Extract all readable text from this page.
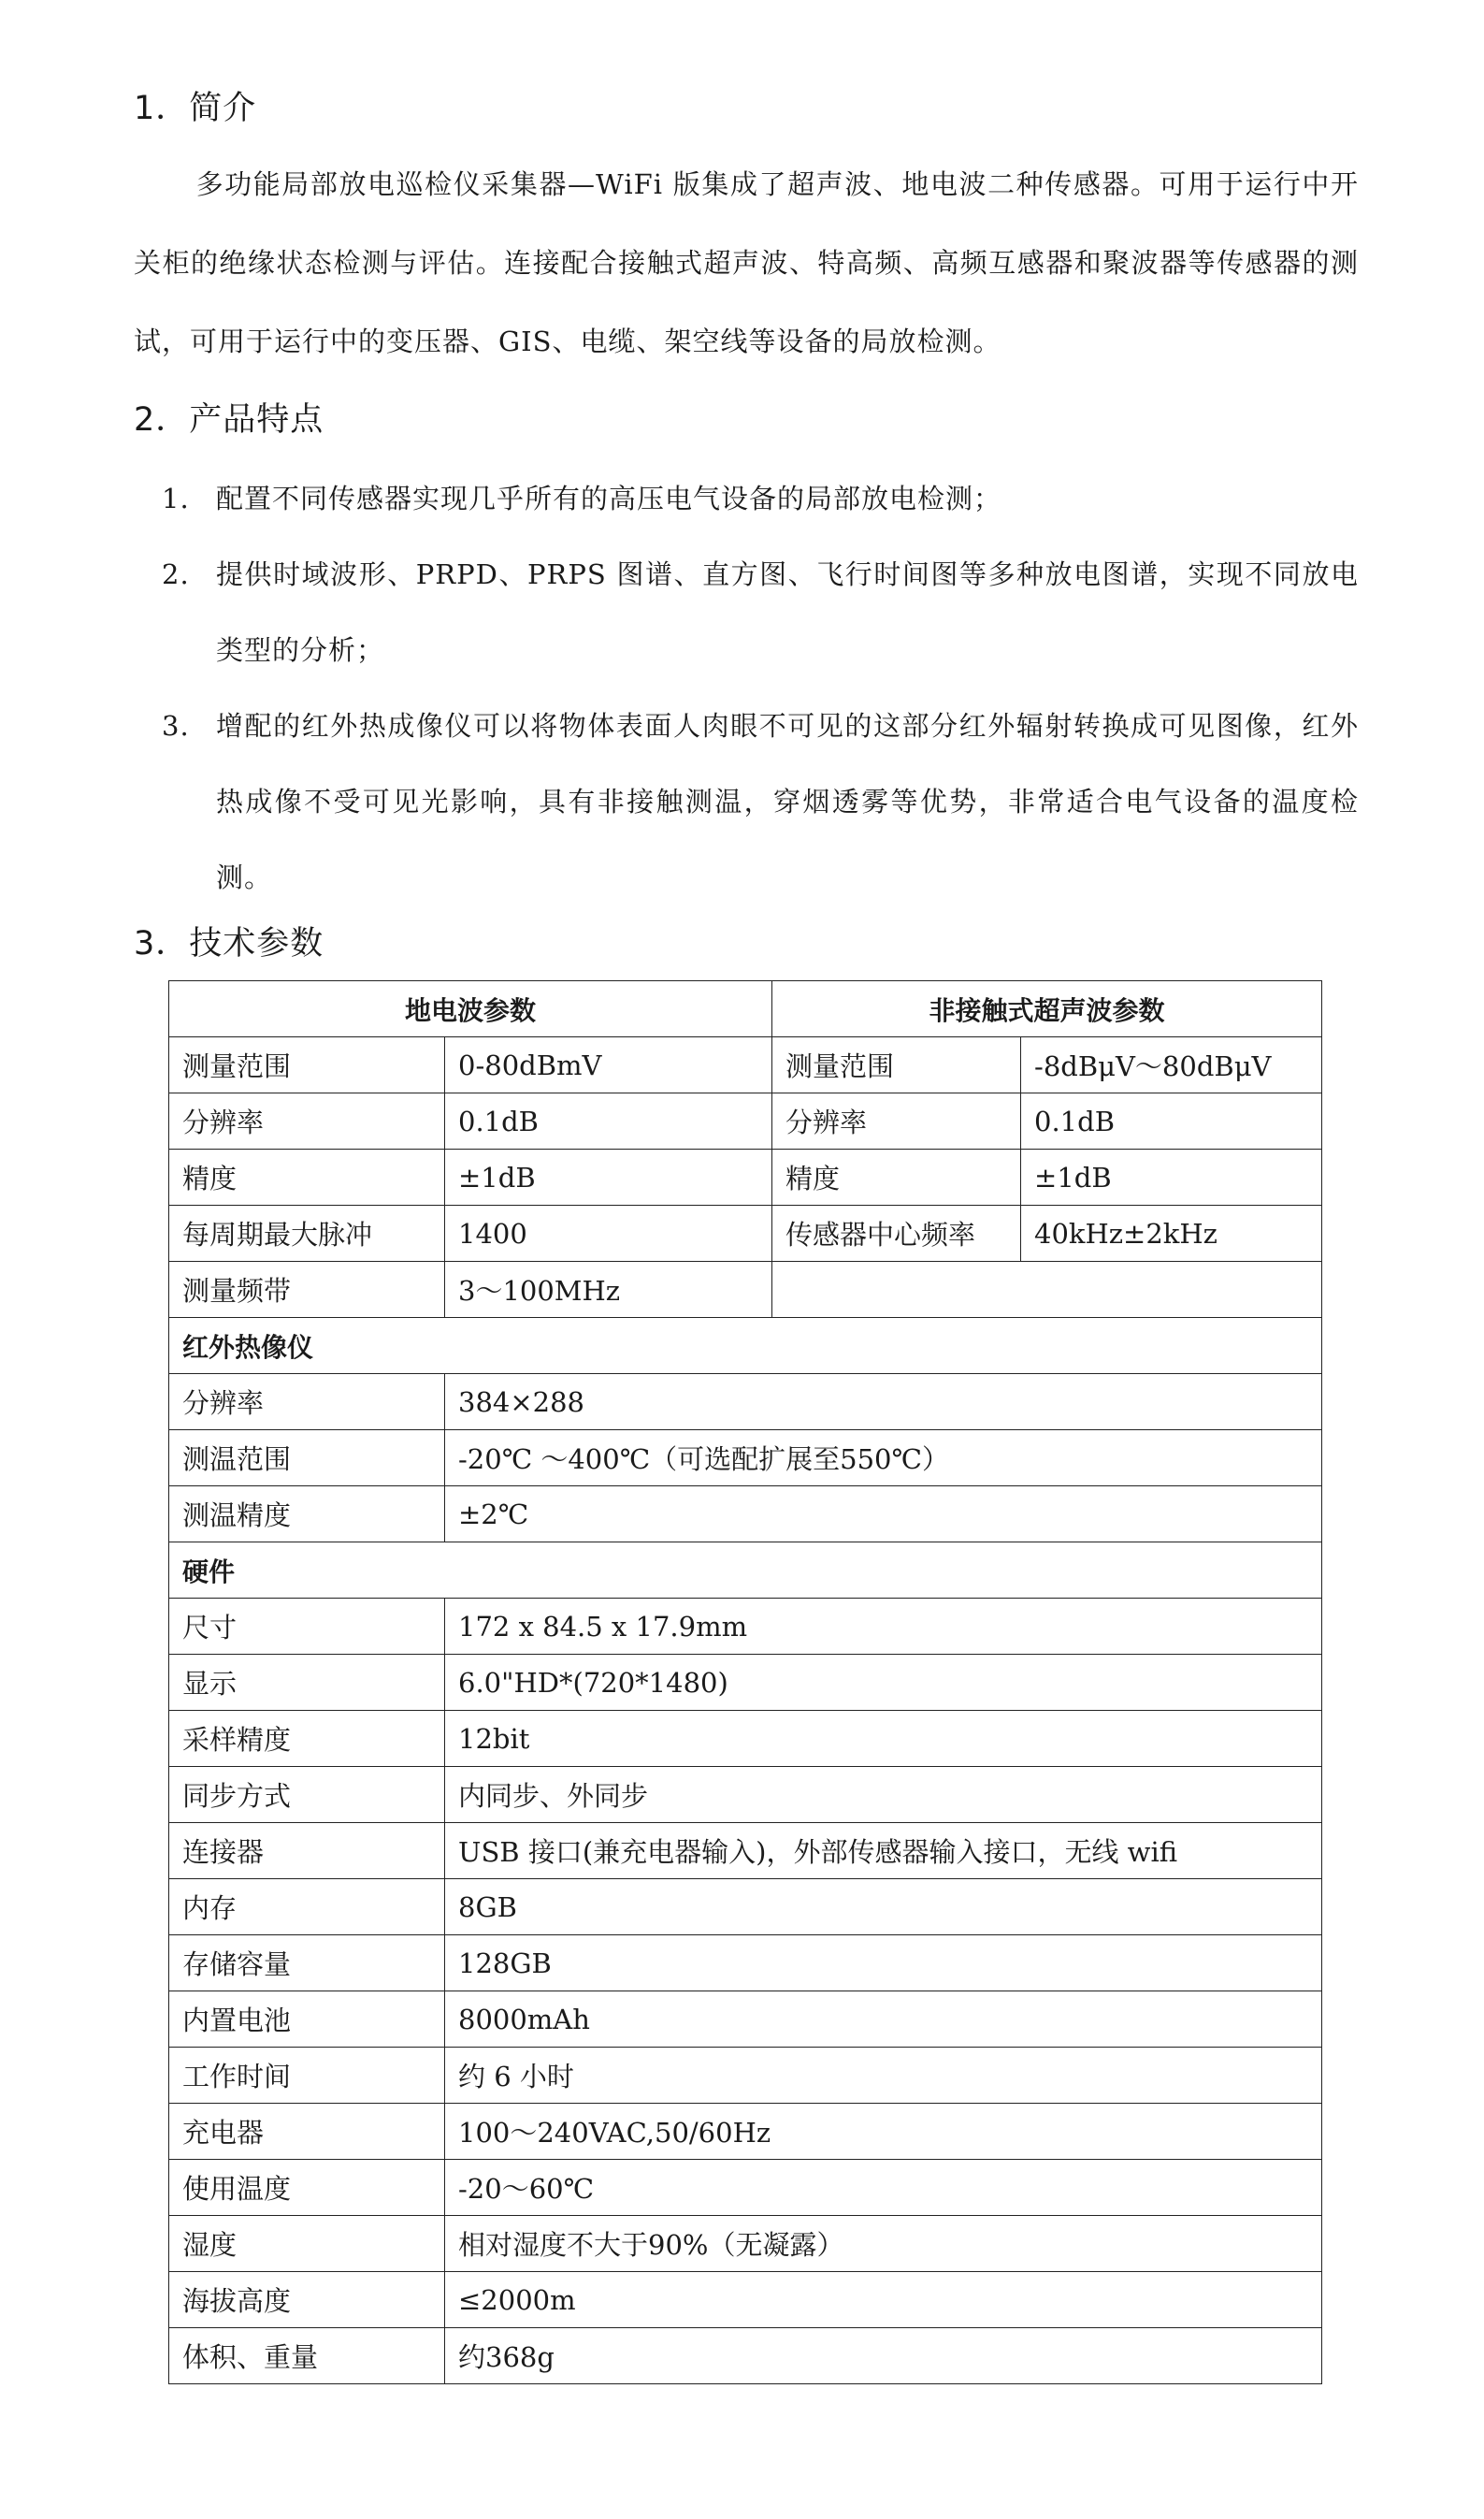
1．简介

多功能局部放电巡检仪采集器—WiFi 版集成了超声波、地电波二种传感器。可用于运行中开关柜的绝缘状态检测与评估。连接配合接触式超声波、特高频、高频互感器和聚波器等传感器的测试，可用于运行中的变压器、GIS、电缆、架空线等设备的局放检测。

2．产品特点
1. 配置不同传感器实现几乎所有的高压电气设备的局部放电检测；
2. 提供时域波形、PRPD、PRPS 图谱、直方图、飞行时间图等多种放电图谱，实现不同放电类型的分析；
3. 增配的红外热成像仪可以将物体表面人肉眼不可见的这部分红外辐射转换成可见图像，红外热成像不受可见光影响，具有非接触测温，穿烟透雾等优势，非常适合电气设备的温度检测。
3．技术参数
地电波参数		非接触式超声波参数	
测量范围	0-80dBmV	测量范围	-8dBμV～80dBμV
分辨率	0.1dB	分辨率	0.1dB
精度	±1dB	精度	±1dB
每周期最大脉冲	1400	传感器中心频率	40kHz±2kHz
测量频带	3～100MHz		
红外热像仪			
分辨率	384×288		
测温范围	-20℃ ～400℃（可选配扩展至550℃）		
测温精度	±2℃		
硬件			
尺寸	172 x 84.5 x 17.9mm		
显示	6.0"HD*(720*1480)		
采样精度	12bit		
同步方式	内同步、外同步		
连接器	USB 接口(兼充电器输入)，外部传感器输入接口，无线 wifi		
内存	8GB		
存储容量	128GB		
内置电池	8000mAh		
工作时间	约 6 小时		
充电器	100～240VAC,50/60Hz		
使用温度	-20～60℃		
湿度	相对湿度不大于90%（无凝露）		
海拔高度	≤2000m		
体积、重量	约368g		
